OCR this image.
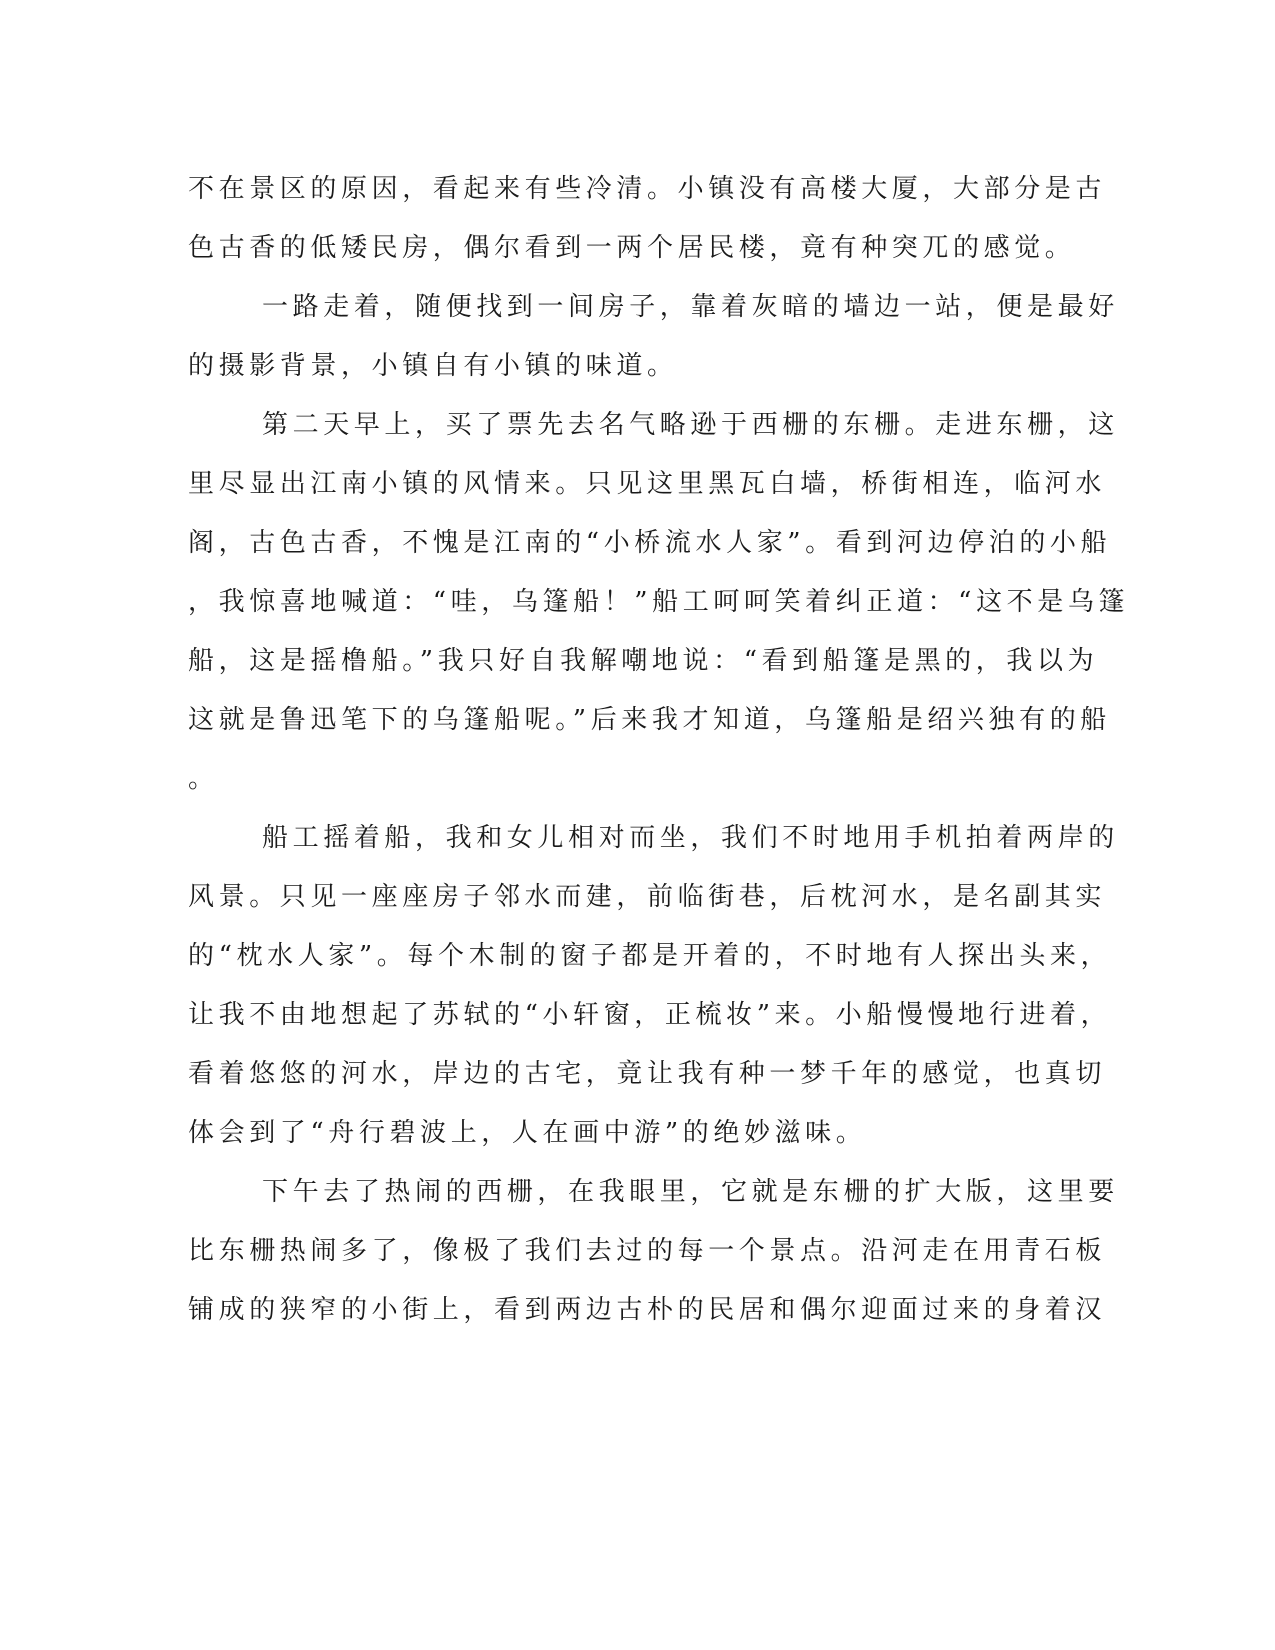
不在景区的原因，看起来有些冷清。小镇没有高楼大厦，大部分是古
色古香的低矮民房，偶尔看到一两个居民楼，竟有种突兀的感觉。
一路走着，随便找到一间房子，靠着灰暗的墙边一站，便是最好
的摄影背景，小镇自有小镇的味道。
第二天早上，买了票先去名气略逊于西栅的东栅。走进东栅，这
里尽显出江南小镇的风情来。只见这里黑瓦白墙，桥街相连，临河水
阁，古色古香，不愧是江南的“小桥流水人家”。看到河边停泊的小船
，我惊喜地喊道：“哇，乌篷船！”船工呵呵笑着纠正道：“这不是乌篷
船，这是摇橹船。”我只好自我解嘲地说：“看到船篷是黑的，我以为
这就是鲁迅笔下的乌篷船呢。”后来我才知道，乌篷船是绍兴独有的船
。
船工摇着船，我和女儿相对而坐，我们不时地用手机拍着两岸的
风景。只见一座座房子邻水而建，前临街巷，后枕河水，是名副其实
的“枕水人家”。每个木制的窗子都是开着的，不时地有人探出头来，
让我不由地想起了苏轼的“小轩窗，正梳妆”来。小船慢慢地行进着，
看着悠悠的河水，岸边的古宅，竟让我有种一梦千年的感觉，也真切
体会到了“舟行碧波上，人在画中游”的绝妙滋味。
下午去了热闹的西栅，在我眼里，它就是东栅的扩大版，这里要
比东栅热闹多了，像极了我们去过的每一个景点。沿河走在用青石板
铺成的狭窄的小街上，看到两边古朴的民居和偶尔迎面过来的身着汉
